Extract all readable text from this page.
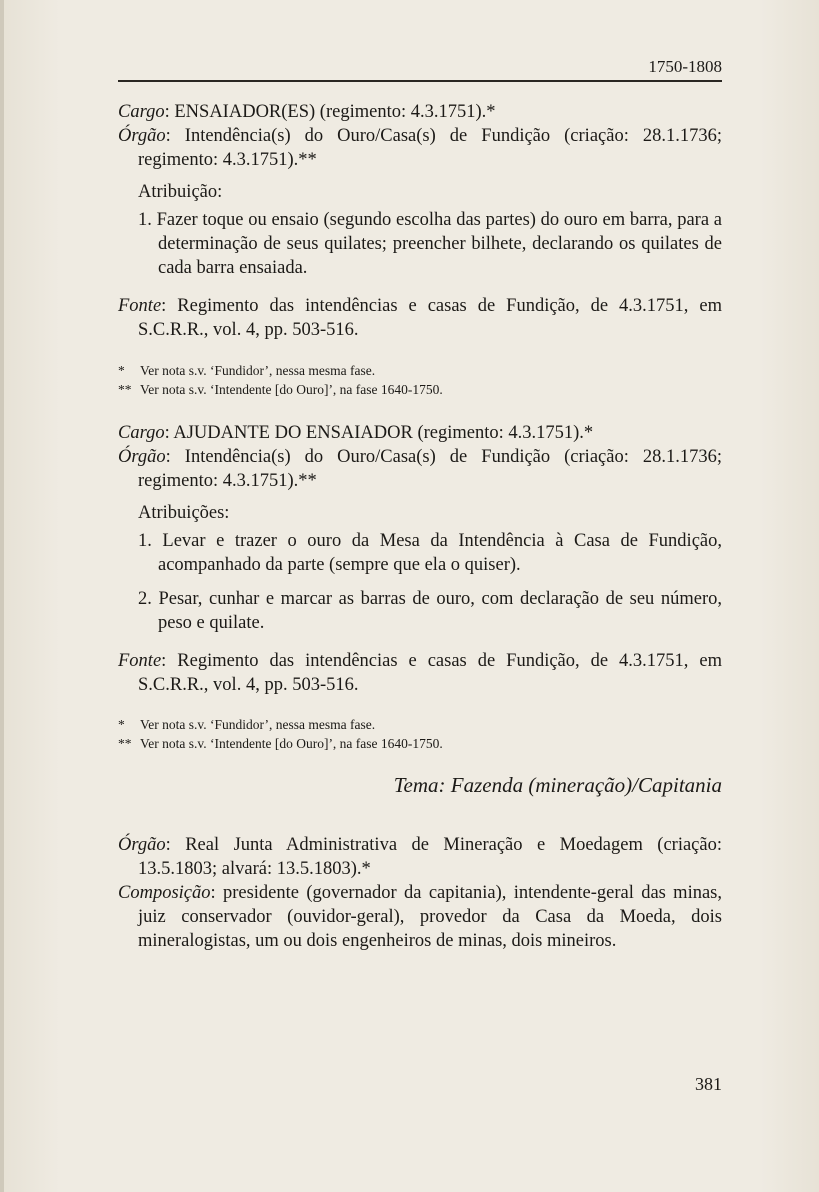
1750-1808

Cargo: ENSAIADOR(ES) (regimento: 4.3.1751).*

Órgão: Intendência(s) do Ouro/Casa(s) de Fundição (criação: 28.1.1736; regimento: 4.3.1751).**

Atribuição:

1. Fazer toque ou ensaio (segundo escolha das partes) do ouro em barra, para a determinação de seus quilates; preencher bilhete, declarando os quilates de cada barra ensaiada.

Fonte: Regimento das intendências e casas de Fundição, de 4.3.1751, em S.C.R.R., vol. 4, pp. 503-516.

* Ver nota s.v. ‘Fundidor’, nessa mesma fase.

** Ver nota s.v. ‘Intendente [do Ouro]’, na fase 1640-1750.

Cargo: AJUDANTE DO ENSAIADOR (regimento: 4.3.1751).*

Órgão: Intendência(s) do Ouro/Casa(s) de Fundição (criação: 28.1.1736; regimento: 4.3.1751).**

Atribuições:

1. Levar e trazer o ouro da Mesa da Intendência à Casa de Fundição, acompanhado da parte (sempre que ela o quiser).

2. Pesar, cunhar e marcar as barras de ouro, com declaração de seu número, peso e quilate.

Fonte: Regimento das intendências e casas de Fundição, de 4.3.1751, em S.C.R.R., vol. 4, pp. 503-516.

* Ver nota s.v. ‘Fundidor’, nessa mesma fase.

** Ver nota s.v. ‘Intendente [do Ouro]’, na fase 1640-1750.

Tema: Fazenda (mineração)/Capitania

Órgão: Real Junta Administrativa de Mineração e Moedagem (criação: 13.5.1803; alvará: 13.5.1803).*

Composição: presidente (governador da capitania), intendente-geral das minas, juiz conservador (ouvidor-geral), provedor da Casa da Moeda, dois mineralogistas, um ou dois engenheiros de minas, dois mineiros.

381
